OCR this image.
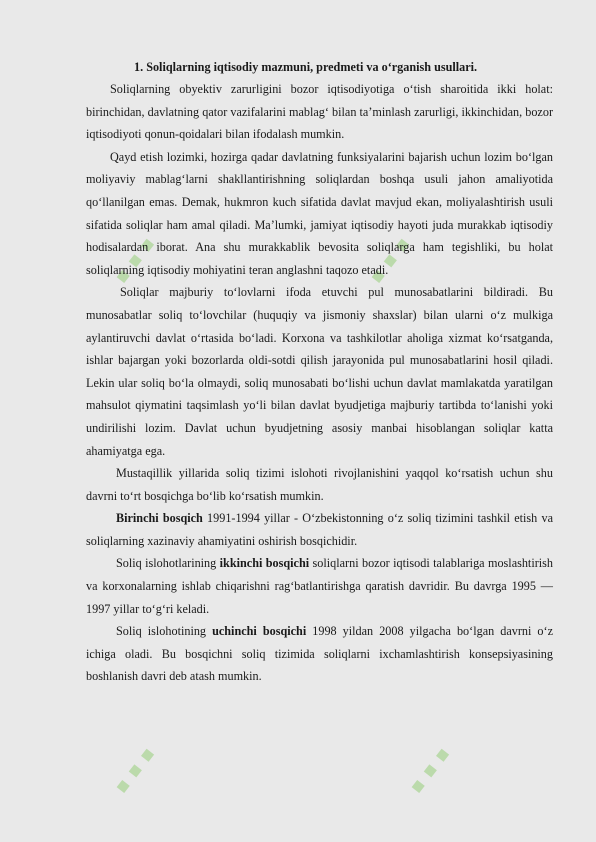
...	...
...	...
1. Soliqlarning iqtisodiy mazmuni, predmeti va o‘rganish usullari.

Soliqlarning obyektiv zarurligini bozor iqtisodiyotiga o‘tish sharoitida ikki holat: birinchidan, davlatning qator vazifalarini mablag‘ bilan ta’minlash zarurligi, ikkinchidan, bozor iqtisodiyoti qonun-qoidalari bilan ifodalash mumkin.

Qayd etish lozimki, hozirga qadar davlatning funksiyalarini bajarish uchun lozim bo‘lgan moliyaviy mablag‘larni shakllantirishning soliqlardan boshqa usuli jahon amaliyotida qo‘llanilgan emas. Demak, hukmron kuch sifatida davlat mavjud ekan, moliyalashtirish usuli sifatida soliqlar ham amal qiladi. Ma’lumki, jamiyat iqtisodiy hayoti juda murakkab iqtisodiy hodisalardan iborat. Ana shu murakkablik bevosita soliqlarga ham tegishliki, bu holat soliqlarning iqtisodiy mohiyatini teran anglashni taqozo etadi.

Soliqlar majburiy to‘lovlarni ifoda etuvchi pul munosabatlarini bildiradi. Bu munosabatlar soliq to‘lovchilar (huquqiy va jismoniy shaxslar) bilan ularni o‘z mulkiga aylantiruvchi davlat o‘rtasida bo‘ladi. Korxona va tashkilotlar aholiga xizmat ko‘rsatganda, ishlar bajargan yoki bozorlarda oldi-sotdi qilish jarayonida pul munosabatlarini hosil qiladi. Lekin ular soliq bo‘la olmaydi, soliq munosabati bo‘lishi uchun davlat mamlakatda yaratilgan mahsulot qiymatini taqsimlash yo‘li bilan davlat byudjetiga majburiy tartibda to‘lanishi yoki undirilishi lozim. Davlat uchun byudjetning asosiy manbai hisoblangan soliqlar katta ahamiyatga ega.

Mustaqillik yillarida soliq tizimi islohoti rivojlanishini yaqqol ko‘rsatish uchun shu davrni to‘rt bosqichga bo‘lib ko‘rsatish mumkin.

Birinchi bosqich 1991-1994 yillar - O‘zbekistonning o‘z soliq tizimini tashkil etish va soliqlarning xazinaviy ahamiyatini oshirish bosqichidir.

Soliq islohotlarining ikkinchi bosqichi soliqlarni bozor iqtisodi talablariga moslashtirish va korxonalarning ishlab chiqarishni rag‘batlantirishga qaratish davridir. Bu davrga 1995 —1997 yillar to‘g‘ri keladi.

Soliq islohotining uchinchi bosqichi 1998 yildan 2008 yilgacha bo‘lgan davrni o‘z ichiga oladi. Bu bosqichni soliq tizimida soliqlarni ixchamlashtirish konsepsiyasining boshlanish davri deb atash mumkin.
